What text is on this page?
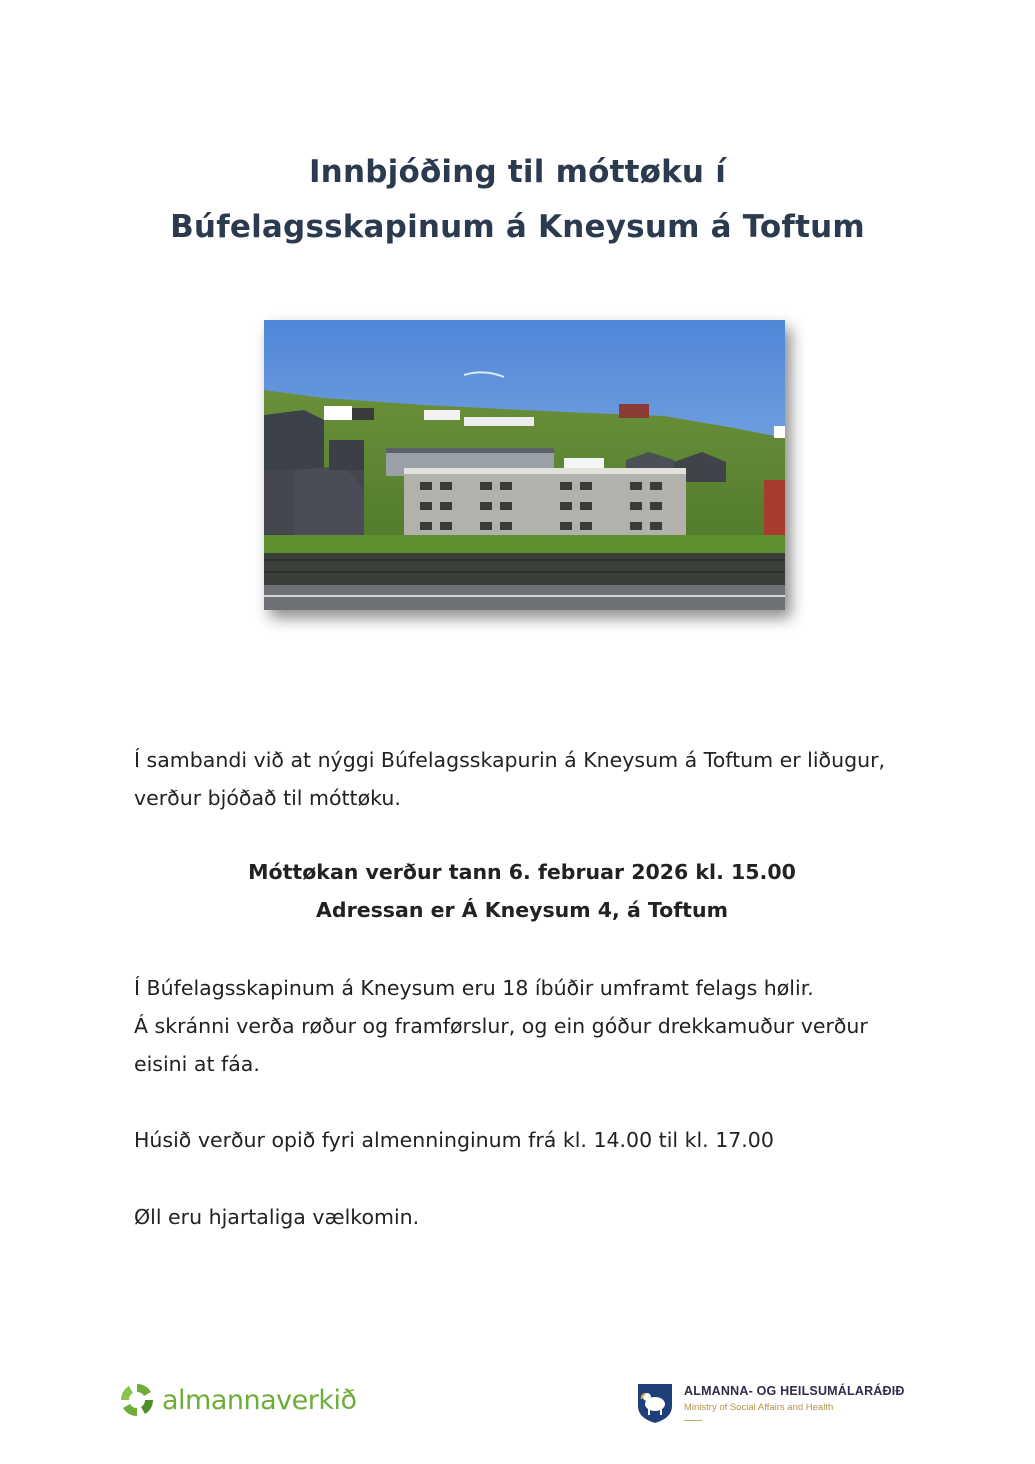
Innbjóðing til móttøku í
Búfelagsskapinum á Kneysum á Toftum
Í sambandi við at nýggi Búfelagsskapurin á Kneysum á Toftum er liðugur,
verður bjóðað til móttøku.

Móttøkan verður tann 6. februar 2026 kl. 15.00

Adressan er Á Kneysum 4, á Toftum

Í Búfelagsskapinum á Kneysum eru 18 íbúðir umframt felags hølir.
Á skránni verða røður og framførslur, og ein góður drekkamuður verður
eisini at fáa.
Húsið verður opið fyri almenninginum frá kl. 14.00 til kl. 17.00
Øll eru hjartaliga vælkomin.
almannaverkið	ALMANNA- OG HEILSUMÁLARÁÐIÐ
Ministry of Social Affairs and Health
